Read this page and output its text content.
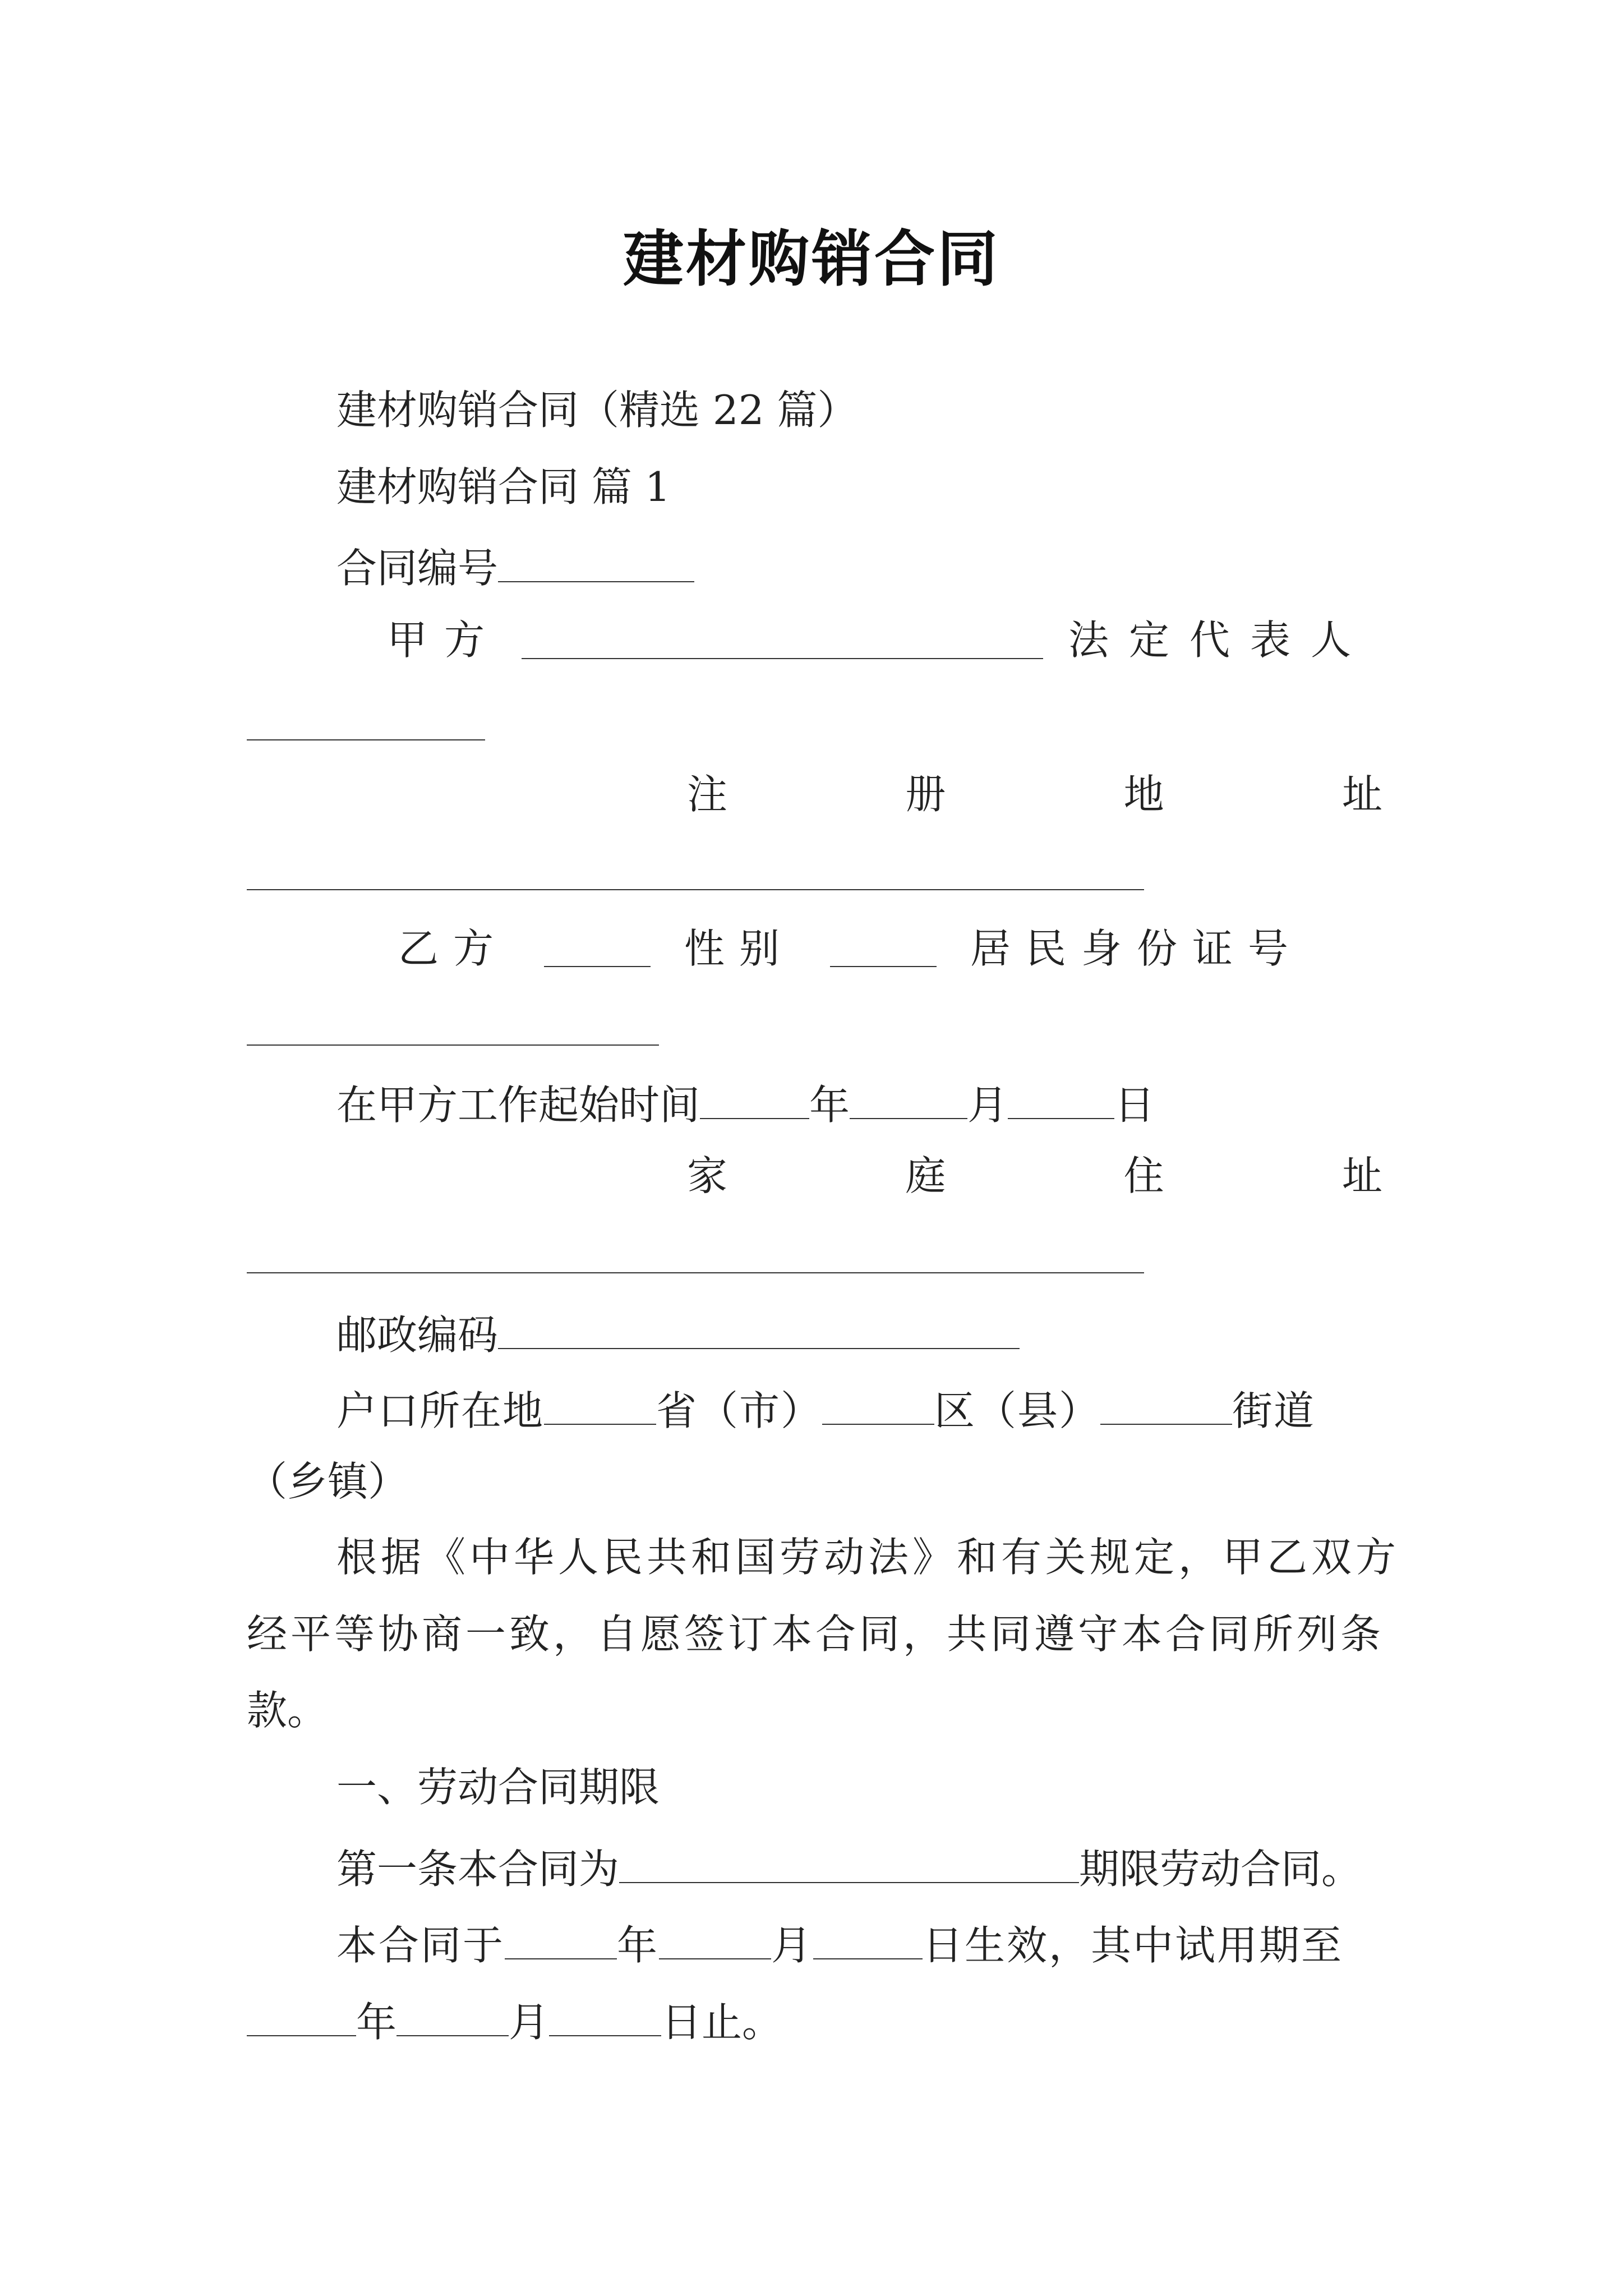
建材购销合同
建材购销合同（精选 22 篇）
建材购销合同 篇 1
合同编号
甲方	法定代表人
注	册	地	址
乙方	性别	居民身份证号
在甲方工作起始时间	年	月	日
家	庭	住	址
邮政编码
户口所在地	省（市）	区（县）	街道
（乡镇）
根据《中华人民共和国劳动法》和有关规定，甲乙双方
经平等协商一致，自愿签订本合同，共同遵守本合同所列条
款。
一、劳动合同期限
第一条本合同为	期限劳动合同。
本合同于	年	月	日生效，其中试用期至
年	月	日止。
